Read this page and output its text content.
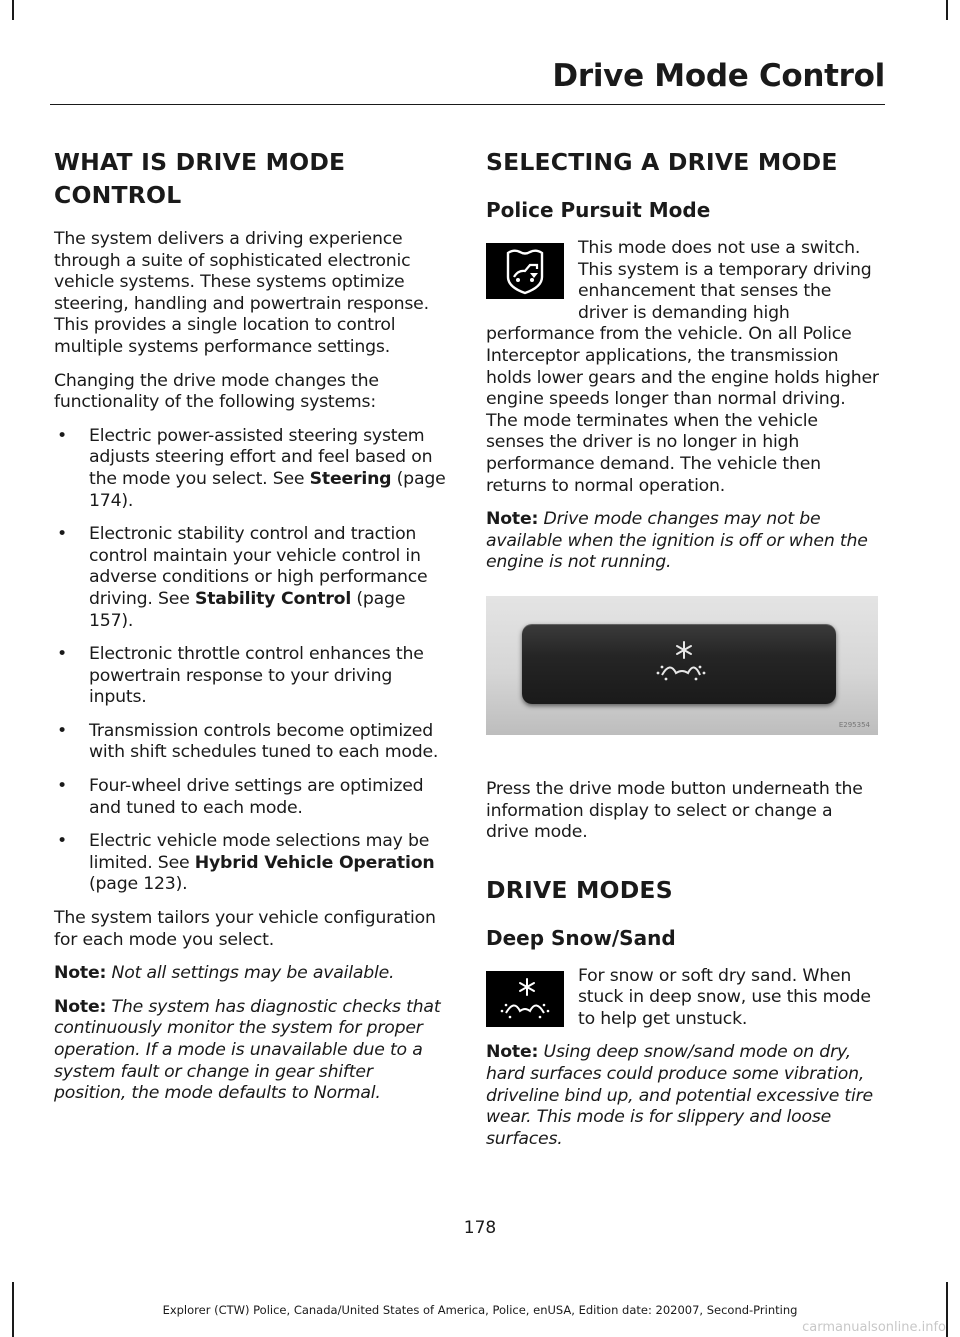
Drive Mode Control
WHAT IS DRIVE MODE
CONTROL

The system delivers a driving experience through a suite of sophisticated electronic vehicle systems. These systems optimize steering, handling and powertrain response. This provides a single location to control multiple systems performance settings.

Changing the drive mode changes the functionality of the following systems:

• Electric power-assisted steering system adjusts steering effort and feel based on the mode you select. See Steering (page 174).
• Electronic stability control and traction control maintain your vehicle control in adverse conditions or high performance driving. See Stability Control (page 157).
• Electronic throttle control enhances the powertrain response to your driving inputs.
• Transmission controls become optimized with shift schedules tuned to each mode.
• Four-wheel drive settings are optimized and tuned to each mode.
• Electric vehicle mode selections may be limited. See Hybrid Vehicle Operation (page 123).

The system tailors your vehicle configuration for each mode you select.

Note: Not all settings may be available.

Note: The system has diagnostic checks that continuously monitor the system for proper operation. If a mode is unavailable due to a system fault or change in gear shifter position, the mode defaults to Normal.

SELECTING A DRIVE MODE
Police Pursuit Mode

This mode does not use a switch. This system is a temporary driving enhancement that senses the driver is demanding high performance from the vehicle. On all Police Interceptor applications, the transmission holds lower gears and the engine holds higher engine speeds longer than normal driving. The mode terminates when the vehicle senses the driver is no longer in high performance demand. The vehicle then returns to normal operation.

Note: Drive mode changes may not be available when the ignition is off or when the engine is not running.

E295354

Press the drive mode button underneath the information display to select or change a drive mode.

DRIVE MODES
Deep Snow/Sand

For snow or soft dry sand. When stuck in deep snow, use this mode to help get unstuck.

Note: Using deep snow/sand mode on dry, hard surfaces could produce some vibration, driveline bind up, and potential excessive tire wear. This mode is for slippery and loose surfaces.

178
Explorer (CTW) Police, Canada/United States of America, Police, enUSA, Edition date: 202007, Second-Printing
carmanualsonline.info
